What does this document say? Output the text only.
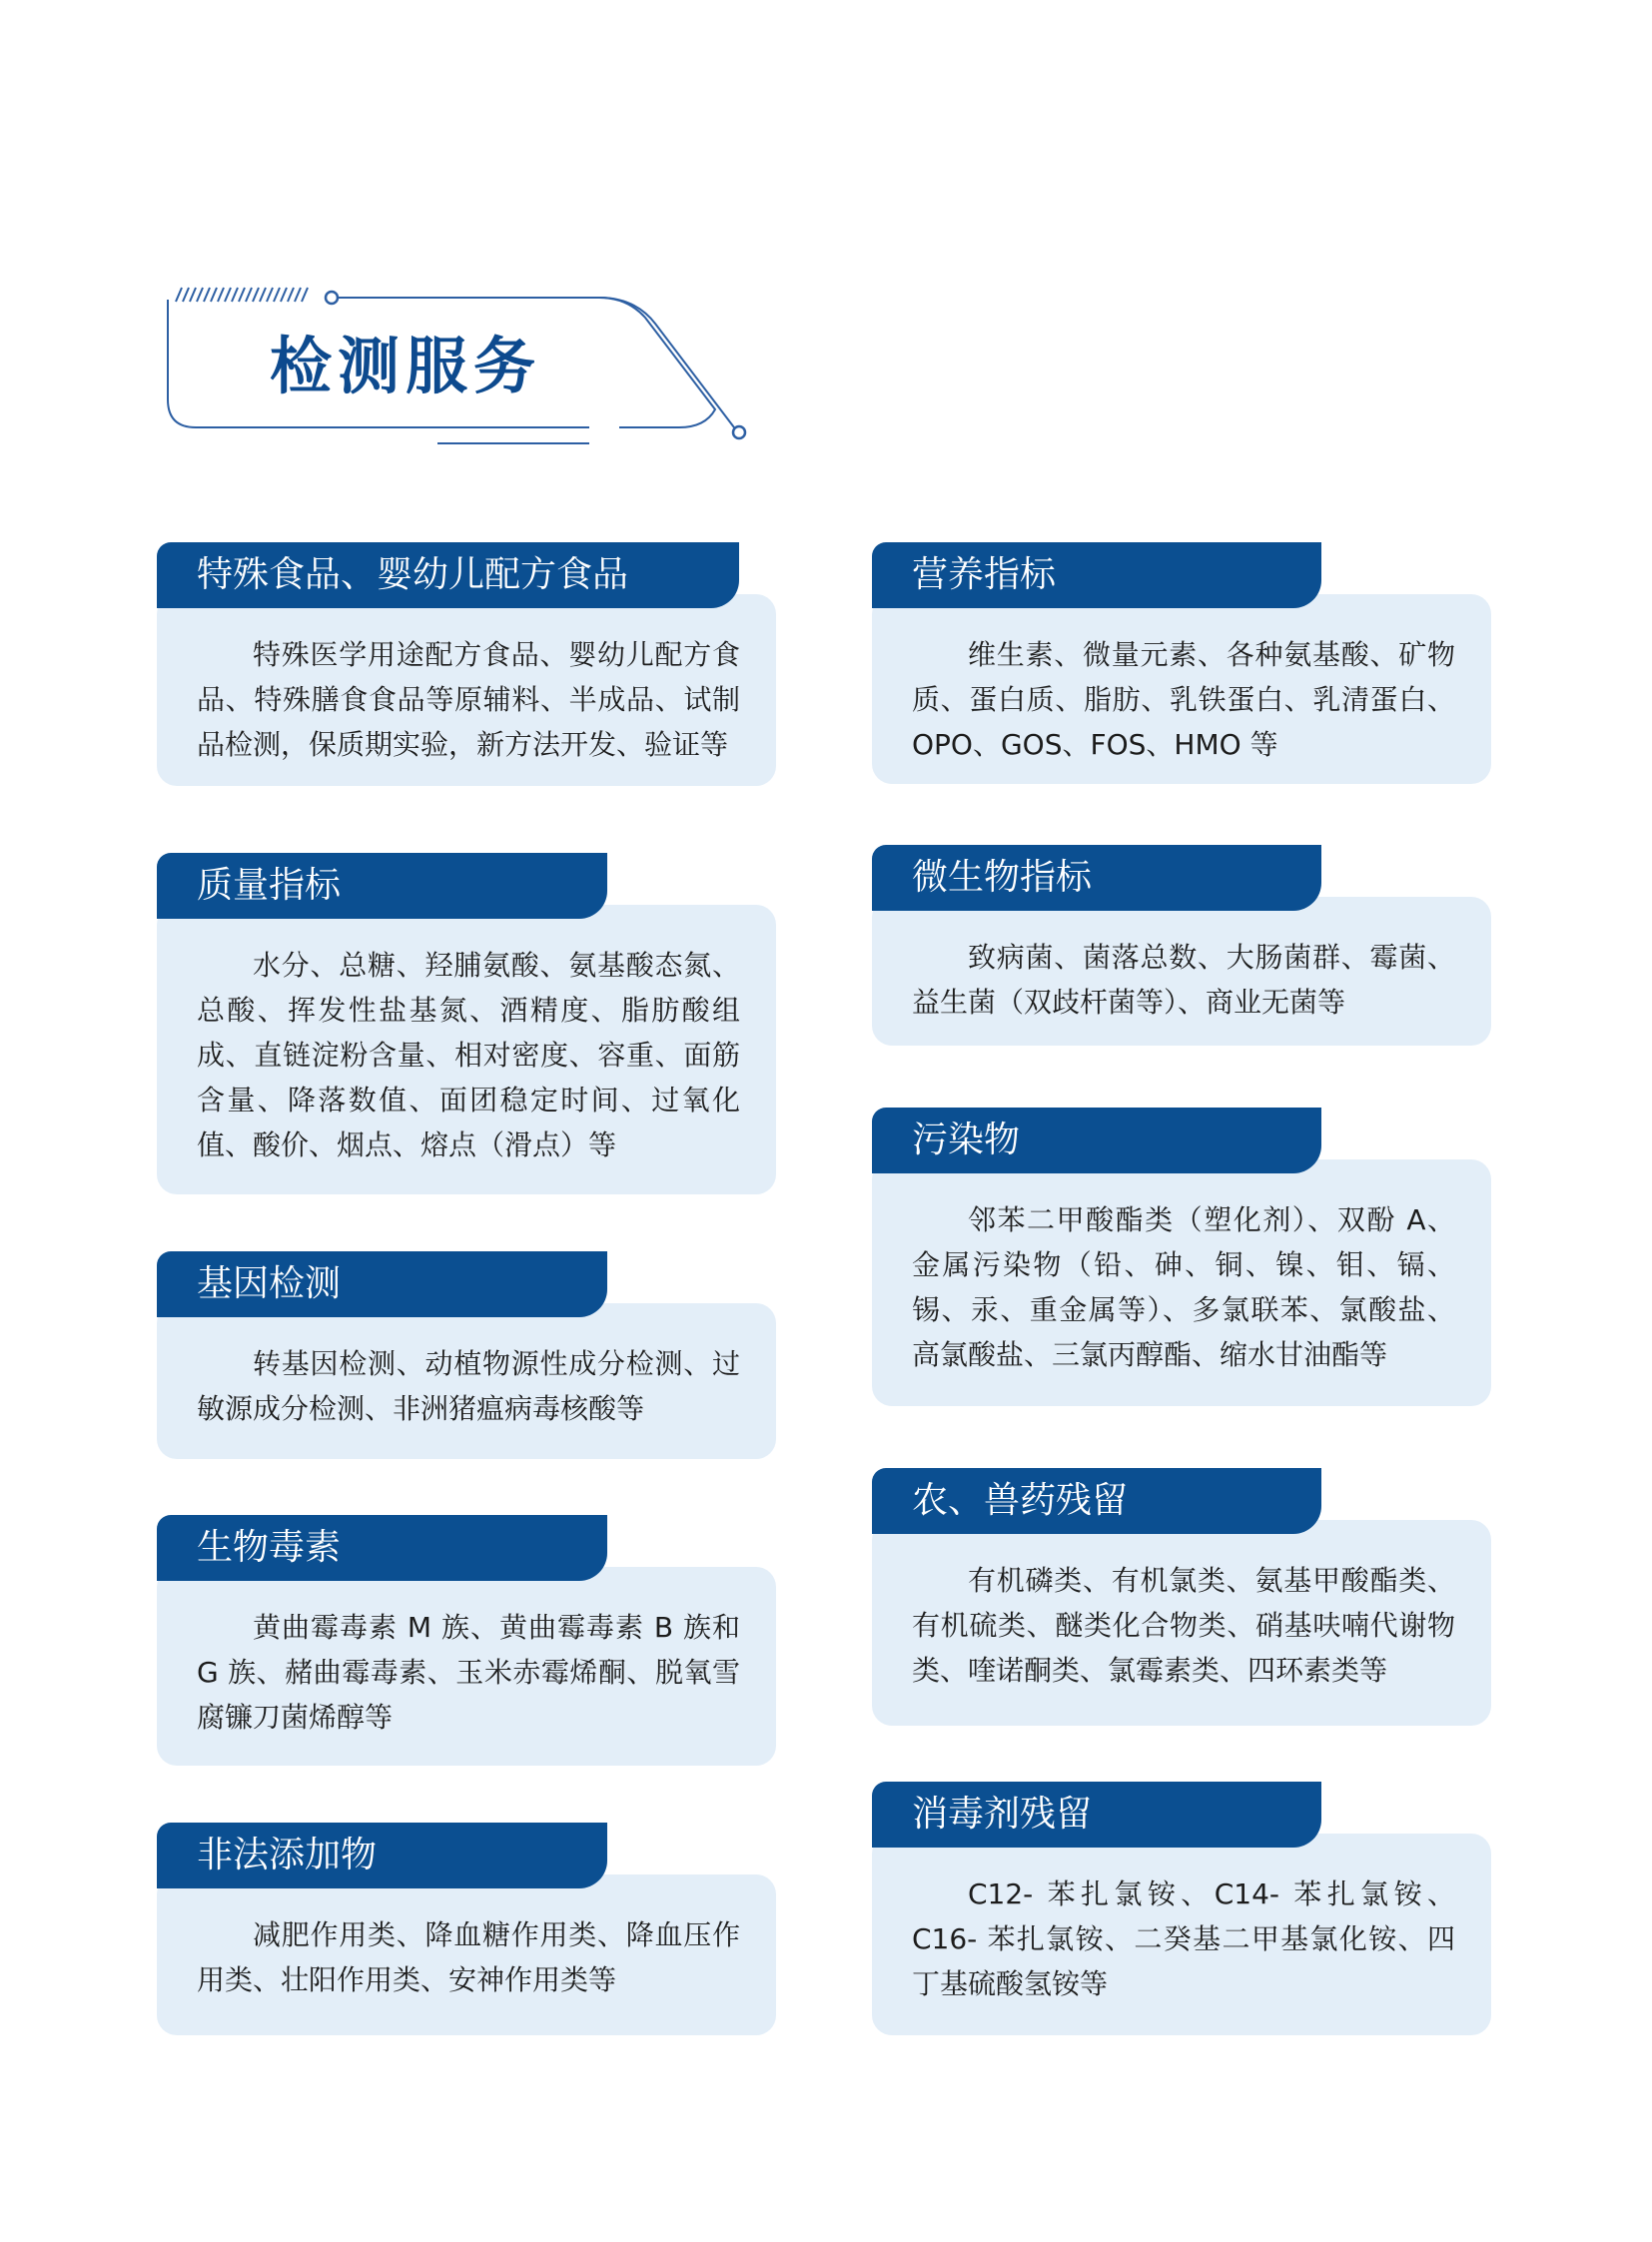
检测服务
特殊食品、婴幼儿配方食品
特殊医学用途配方食品、婴幼儿配方食品、特殊膳食食品等原辅料、半成品、试制品检测，保质期实验，新方法开发、验证等
质量指标
水分、总糖、羟脯氨酸、氨基酸态氮、总酸、挥发性盐基氮、酒精度、脂肪酸组成、直链淀粉含量、相对密度、容重、面筋含量、降落数值、面团稳定时间、过氧化值、酸价、烟点、熔点（滑点）等
基因检测
转基因检测、动植物源性成分检测、过敏源成分检测、非洲猪瘟病毒核酸等
生物毒素
黄曲霉毒素 M 族、黄曲霉毒素 B 族和 G 族、赭曲霉毒素、玉米赤霉烯酮、脱氧雪腐镰刀菌烯醇等
非法添加物
减肥作用类、降血糖作用类、降血压作用类、壮阳作用类、安神作用类等
营养指标
维生素、微量元素、各种氨基酸、矿物质、蛋白质、脂肪、乳铁蛋白、乳清蛋白、OPO、GOS、FOS、HMO 等
微生物指标
致病菌、菌落总数、大肠菌群、霉菌、益生菌（双歧杆菌等）、商业无菌等
污染物
邻苯二甲酸酯类（塑化剂）、双酚 A、金属污染物（铅、砷、铜、镍、钼、镉、锡、汞、重金属等）、多氯联苯、氯酸盐、高氯酸盐、三氯丙醇酯、缩水甘油酯等
农、兽药残留
有机磷类、有机氯类、氨基甲酸酯类、有机硫类、醚类化合物类、硝基呋喃代谢物类、喹诺酮类、氯霉素类、四环素类等
消毒剂残留
C12- 苯扎氯铵、C14- 苯扎氯铵、C16- 苯扎氯铵、二癸基二甲基氯化铵、四丁基硫酸氢铵等
